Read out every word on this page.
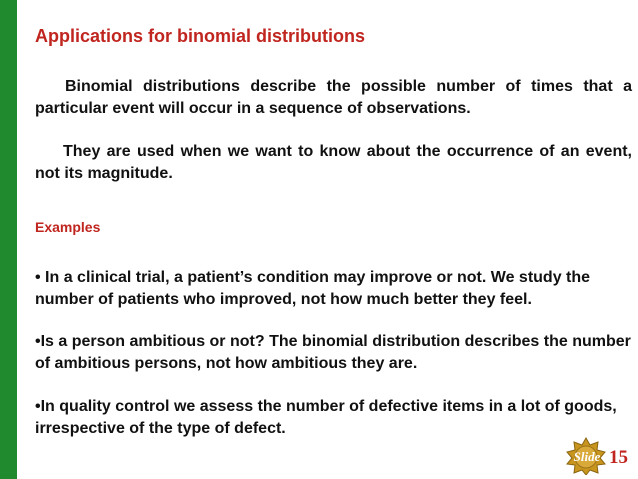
Applications for binomial distributions
Binomial distributions describe the possible number of times that a particular event will occur in a sequence of observations.
They are used when we want to know about the occurrence of an event, not its magnitude.
Examples
• In a clinical trial, a patient’s condition may improve or not. We study the number of patients who improved, not how much better they feel.
•Is a person ambitious or not? The binomial distribution describes the number of ambitious persons, not how ambitious they are.
•In quality control we assess the number of defective items in a lot of goods, irrespective of the type of defect.
Slide 15
